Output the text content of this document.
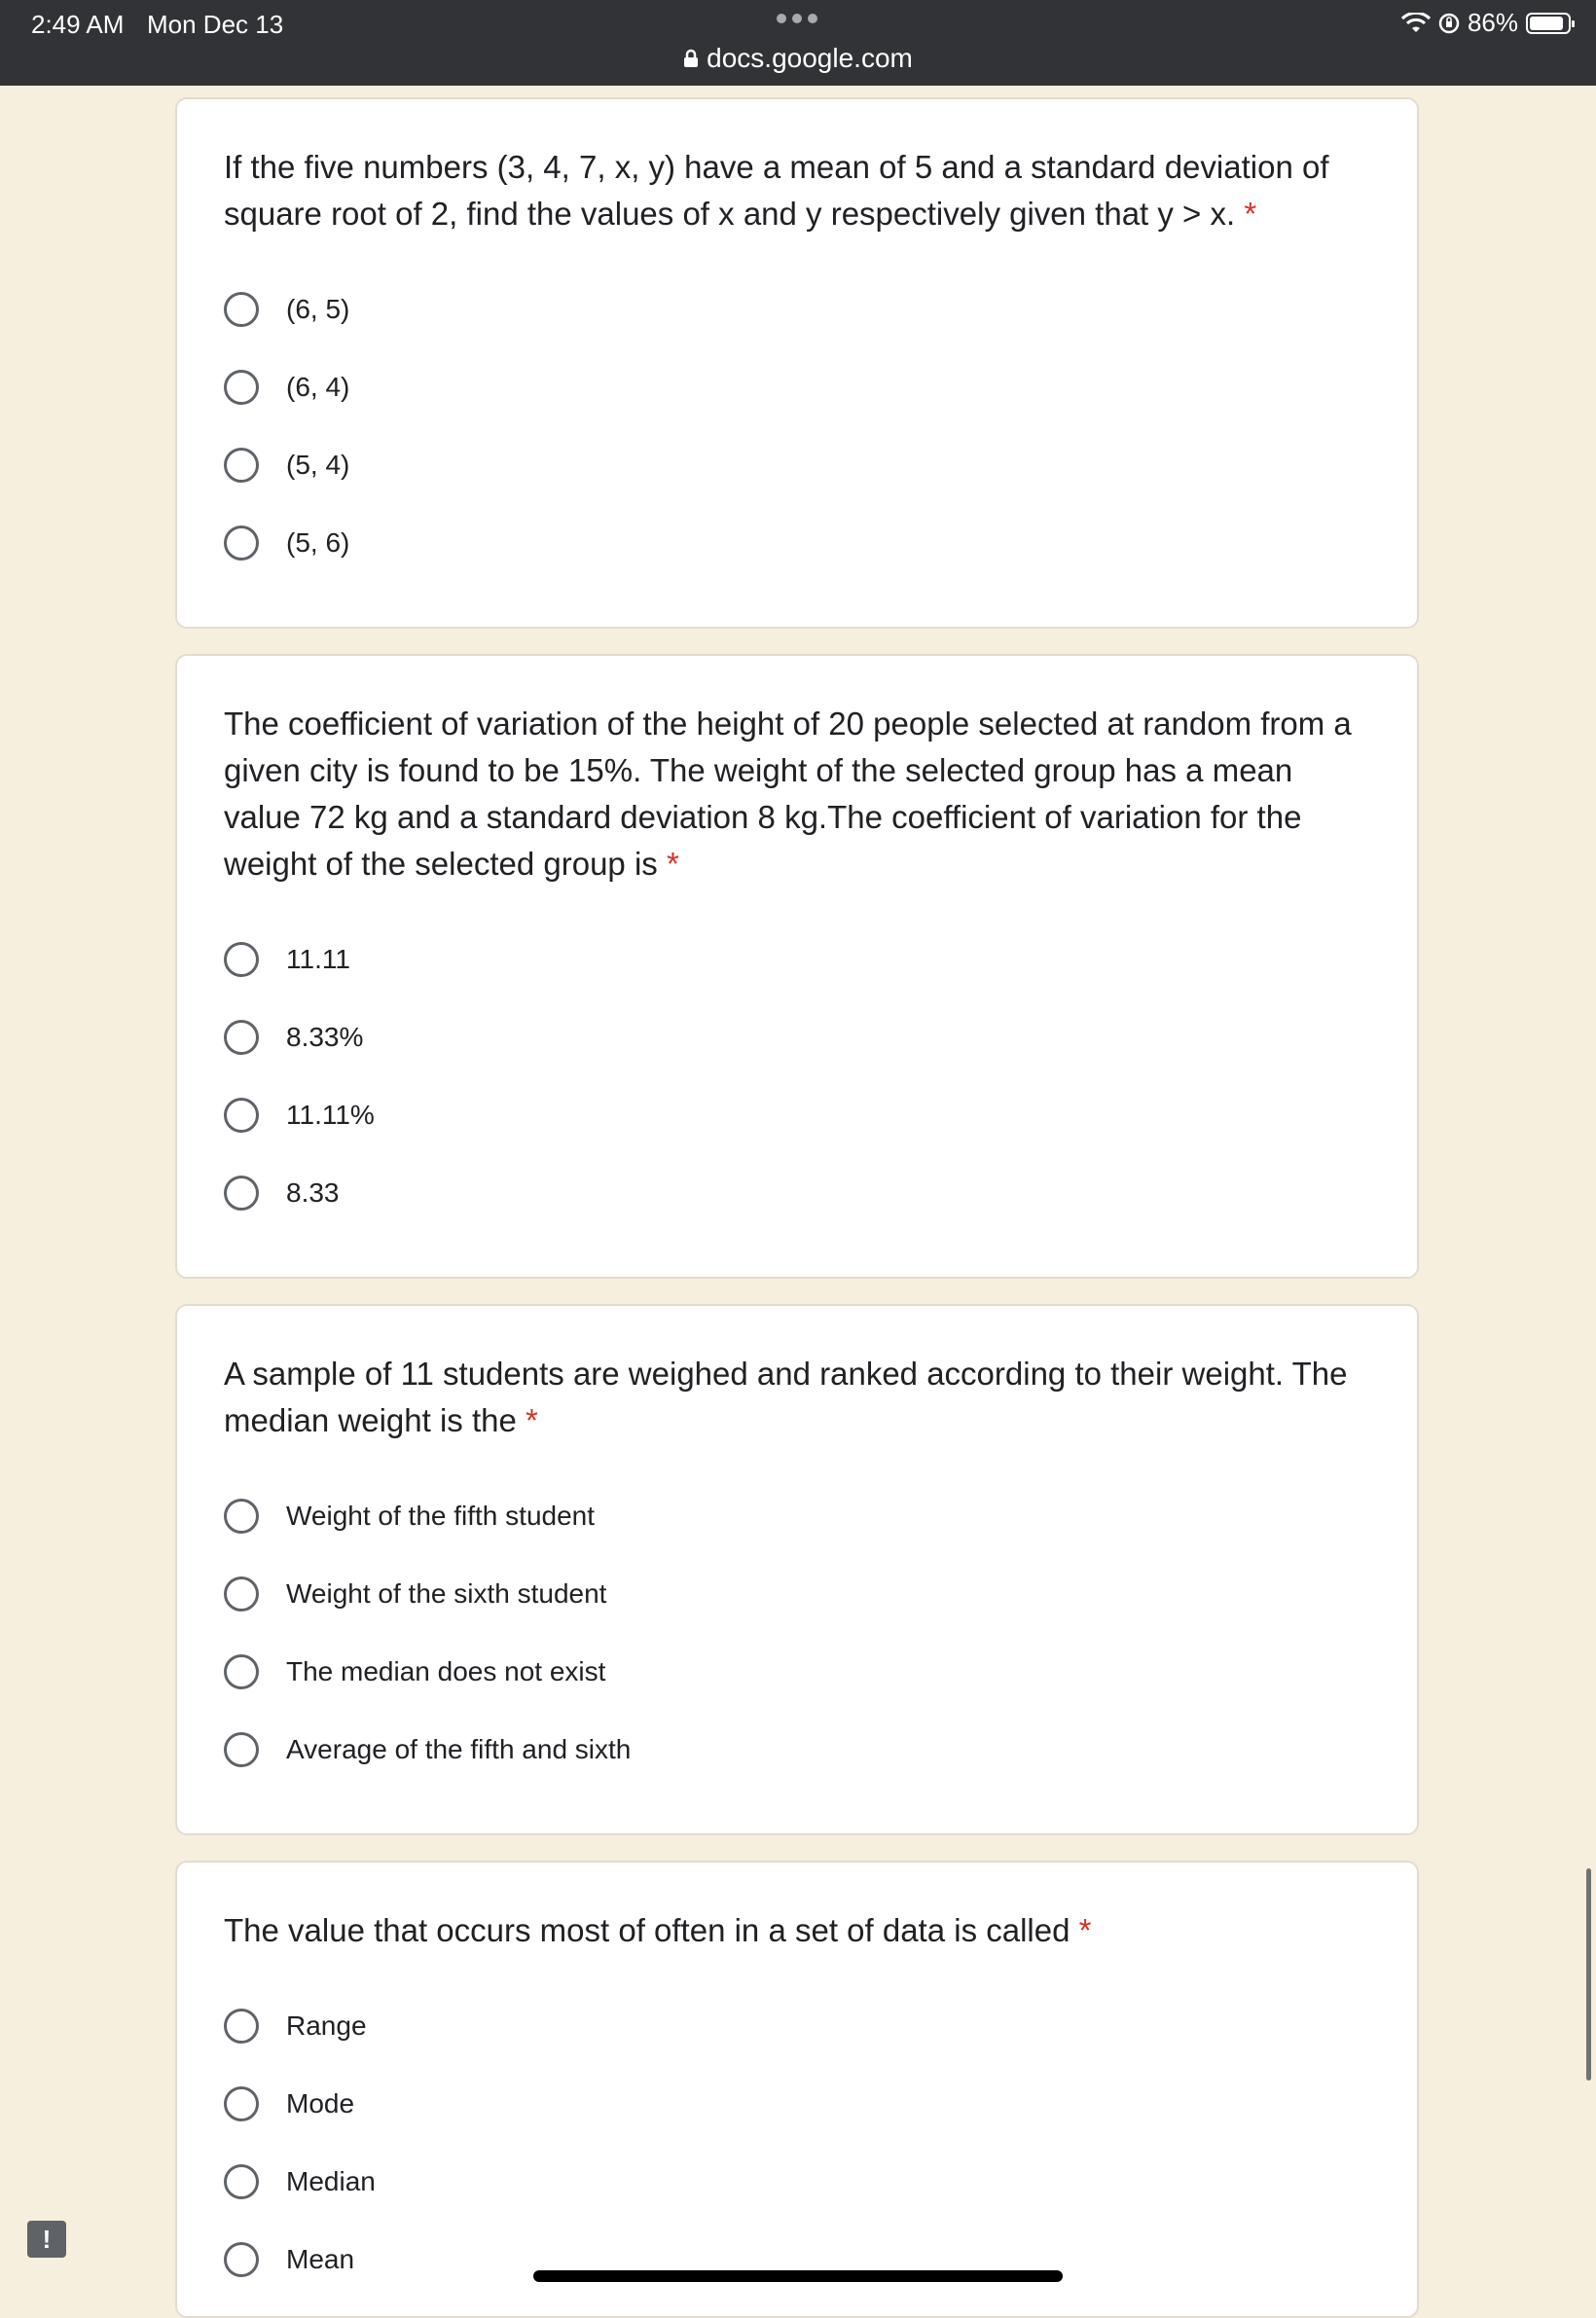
2:49 AM Mon Dec 13	86%
docs.google.com
If the five numbers (3, 4, 7, x, y) have a mean of 5 and a standard deviation of square root of 2, find the values of x and y respectively given that y > x. *
(6, 5)
(6, 4)
(5, 4)
(5, 6)
The coefficient of variation of the height of 20 people selected at random from a given city is found to be 15%. The weight of the selected group has a mean value 72 kg and a standard deviation 8 kg.The coefficient of variation for the weight of the selected group is *
11.11
8.33%
11.11%
8.33
A sample of 11 students are weighed and ranked according to their weight. The median weight is the *
Weight of the fifth student
Weight of the sixth student
The median does not exist
Average of the fifth and sixth
The value that occurs most of often in a set of data is called *
Range
Mode
Median
Mean
!
